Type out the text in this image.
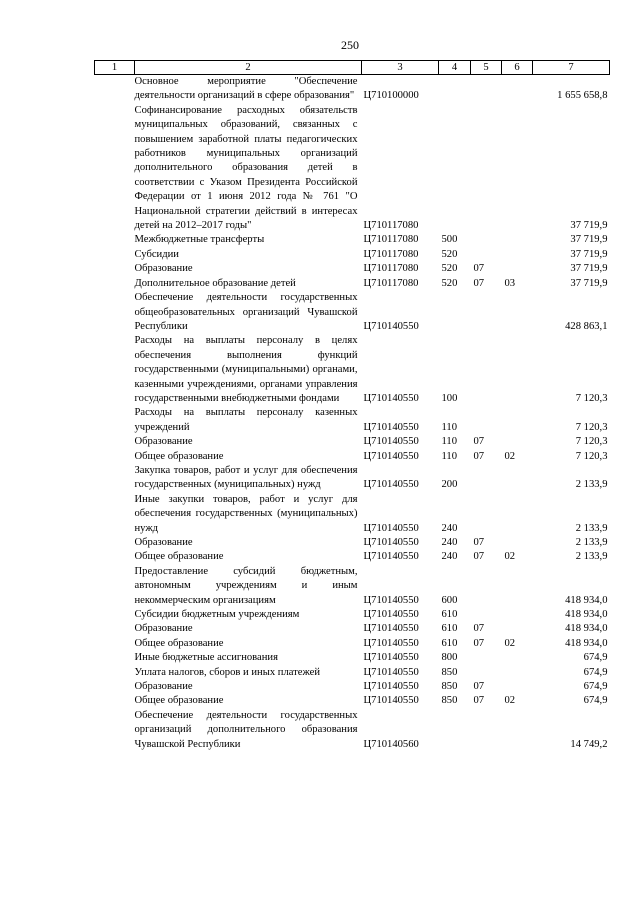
250
1	2	3	4	5	6	7
	Основное мероприятие "Обеспечение деятельности организаций в сфере образования"	Ц710100000				1 655 658,8
	Софинансирование расходных обязательств муниципальных образований, связанных с повышением заработной платы педагогических работников муниципальных организаций дополнительного образования детей в соответствии с Указом Президента Российской Федерации от 1 июня 2012 года № 761 "О Национальной стратегии действий в интересах детей на 2012–2017 годы"	Ц710117080				37 719,9
	Межбюджетные трансферты	Ц710117080	500			37 719,9
	Субсидии	Ц710117080	520			37 719,9
	Образование	Ц710117080	520	07		37 719,9
	Дополнительное образование детей	Ц710117080	520	07	03	37 719,9
	Обеспечение деятельности государственных общеобразовательных организаций Чувашской Республики	Ц710140550				428 863,1
	Расходы на выплаты персоналу в целях обеспечения выполнения функций государственными (муниципальными) органами, казенными учреждениями, органами управления государственными внебюджетными фондами	Ц710140550	100			7 120,3
	Расходы на выплаты персоналу казенных учреждений	Ц710140550	110			7 120,3
	Образование	Ц710140550	110	07		7 120,3
	Общее образование	Ц710140550	110	07	02	7 120,3
	Закупка товаров, работ и услуг для обеспечения государственных (муниципальных) нужд	Ц710140550	200			2 133,9
	Иные закупки товаров, работ и услуг для обеспечения государственных (муниципальных) нужд	Ц710140550	240			2 133,9
	Образование	Ц710140550	240	07		2 133,9
	Общее образование	Ц710140550	240	07	02	2 133,9
	Предоставление субсидий бюджетным, автономным учреждениям и иным некоммерческим организациям	Ц710140550	600			418 934,0
	Субсидии бюджетным учреждениям	Ц710140550	610			418 934,0
	Образование	Ц710140550	610	07		418 934,0
	Общее образование	Ц710140550	610	07	02	418 934,0
	Иные бюджетные ассигнования	Ц710140550	800			674,9
	Уплата налогов, сборов и иных платежей	Ц710140550	850			674,9
	Образование	Ц710140550	850	07		674,9
	Общее образование	Ц710140550	850	07	02	674,9
	Обеспечение деятельности государственных организаций дополнительного образования Чувашской Республики	Ц710140560				14 749,2
